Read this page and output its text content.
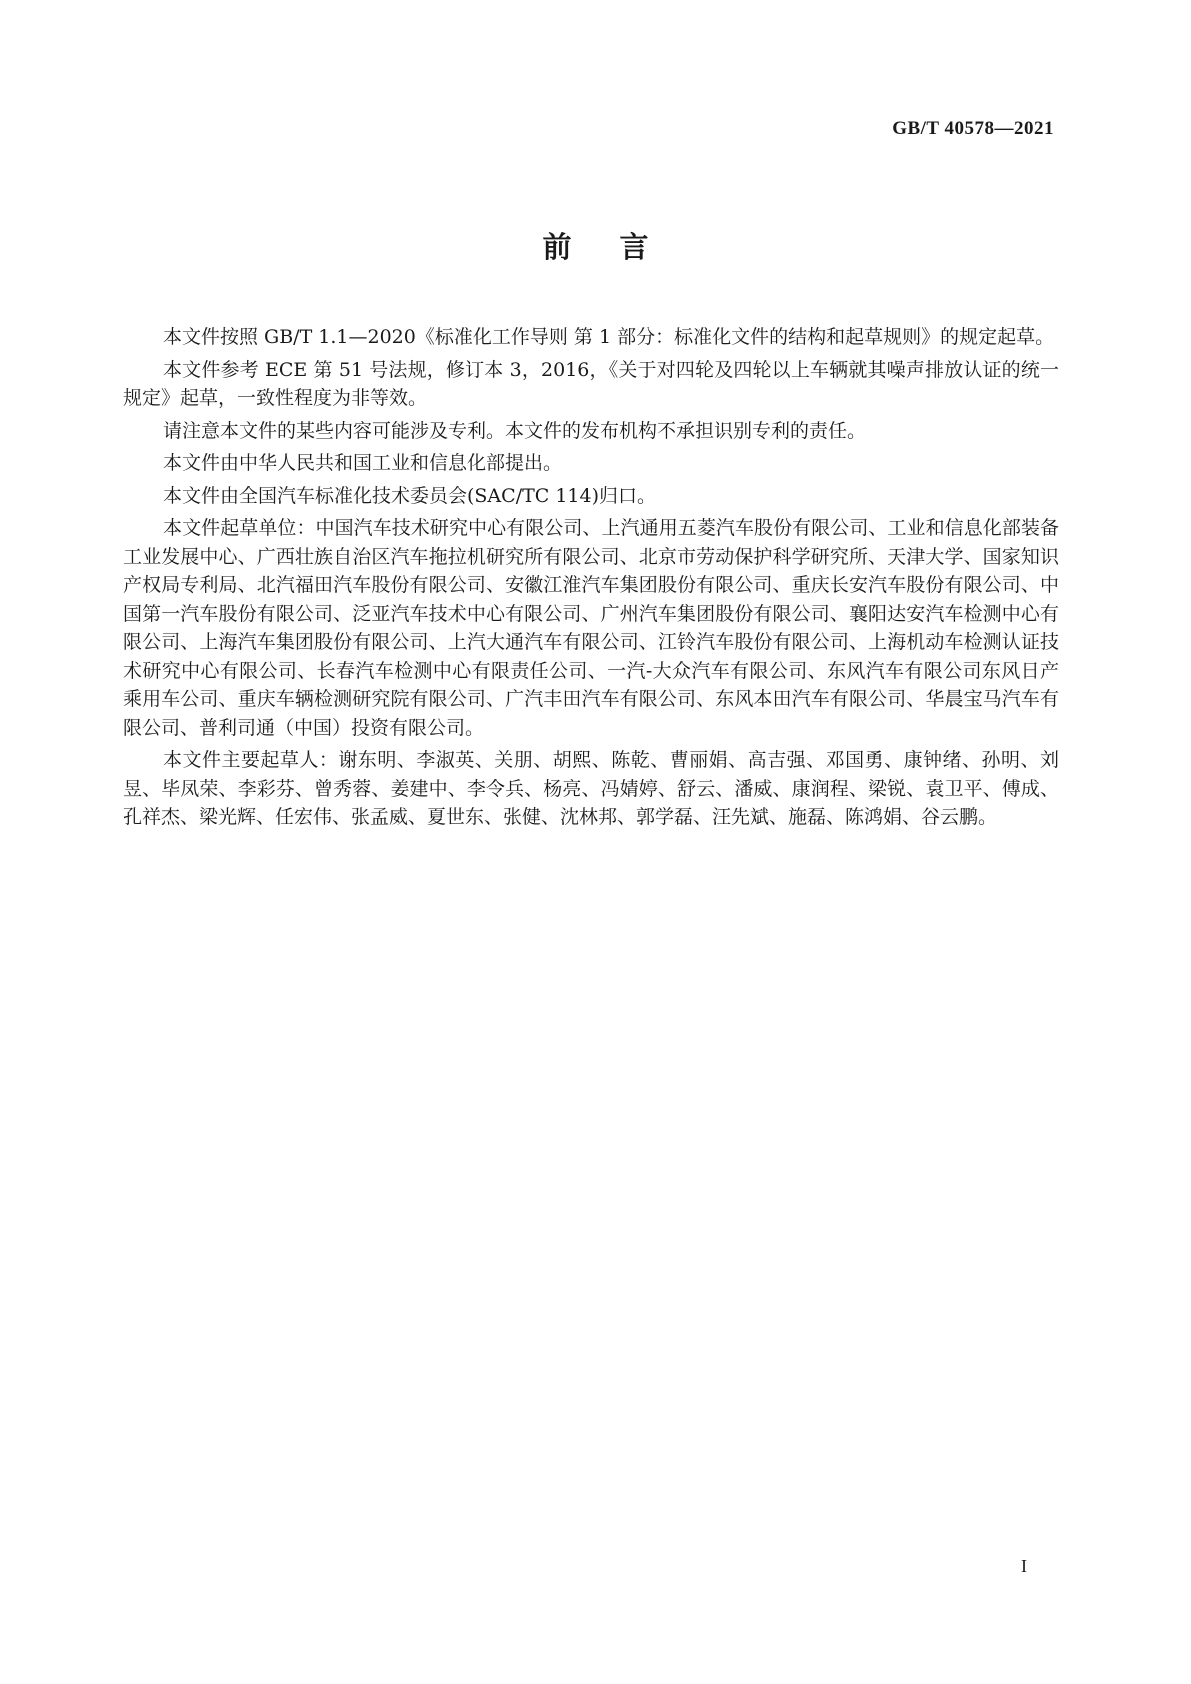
GB/T 40578—2021
前言

本文件按照 GB/T 1.1—2020《标准化工作导则 第 1 部分：标准化文件的结构和起草规则》的规定起草。

本文件参考 ECE 第 51 号法规，修订本 3，2016，《关于对四轮及四轮以上车辆就其噪声排放认证的统一规定》起草，一致性程度为非等效。

请注意本文件的某些内容可能涉及专利。本文件的发布机构不承担识别专利的责任。

本文件由中华人民共和国工业和信息化部提出。

本文件由全国汽车标准化技术委员会(SAC/TC 114)归口。

本文件起草单位：中国汽车技术研究中心有限公司、上汽通用五菱汽车股份有限公司、工业和信息化部装备工业发展中心、广西壮族自治区汽车拖拉机研究所有限公司、北京市劳动保护科学研究所、天津大学、国家知识产权局专利局、北汽福田汽车股份有限公司、安徽江淮汽车集团股份有限公司、重庆长安汽车股份有限公司、中国第一汽车股份有限公司、泛亚汽车技术中心有限公司、广州汽车集团股份有限公司、襄阳达安汽车检测中心有限公司、上海汽车集团股份有限公司、上汽大通汽车有限公司、江铃汽车股份有限公司、上海机动车检测认证技术研究中心有限公司、长春汽车检测中心有限责任公司、一汽-大众汽车有限公司、东风汽车有限公司东风日产乘用车公司、重庆车辆检测研究院有限公司、广汽丰田汽车有限公司、东风本田汽车有限公司、华晨宝马汽车有限公司、普利司通（中国）投资有限公司。

本文件主要起草人：谢东明、李淑英、关朋、胡熙、陈乾、曹丽娟、高吉强、邓国勇、康钟绪、孙明、刘昱、毕凤荣、李彩芬、曾秀蓉、姜建中、李令兵、杨亮、冯婧婷、舒云、潘威、康润程、梁锐、袁卫平、傅成、孔祥杰、梁光辉、任宏伟、张孟威、夏世东、张健、沈林邦、郭学磊、汪先斌、施磊、陈鸿娟、谷云鹏。

I
